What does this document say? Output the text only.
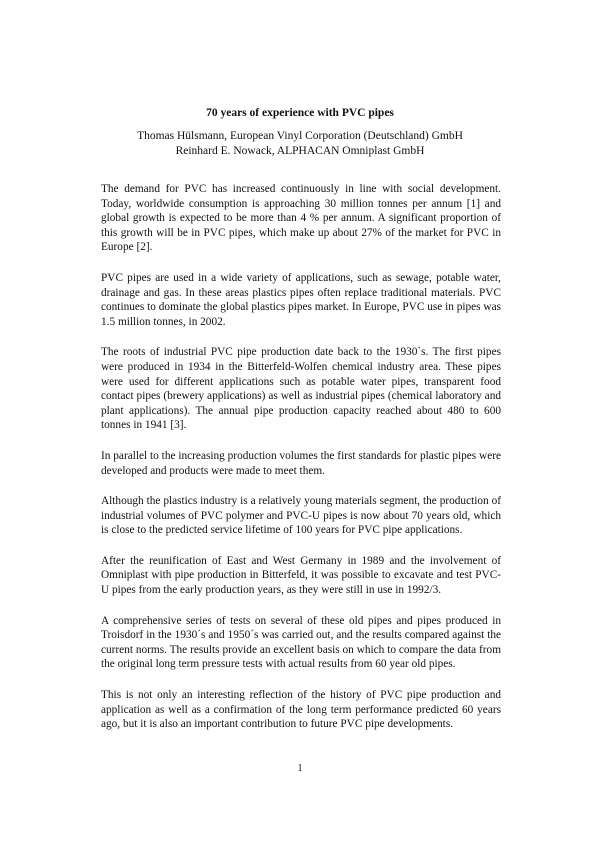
70 years of experience with PVC pipes
Thomas Hülsmann, European Vinyl Corporation (Deutschland) GmbH
Reinhard E. Nowack, ALPHACAN Omniplast GmbH

The demand for PVC has increased continuously in line with social development. Today, worldwide consumption is approaching 30 million tonnes per annum [1] and global growth is expected to be more than 4 % per annum. A significant proportion of this growth will be in PVC pipes, which make up about 27% of the market for PVC in Europe [2].

PVC pipes are used in a wide variety of applications, such as sewage, potable water, drainage and gas. In these areas plastics pipes often replace traditional materials. PVC continues to dominate the global plastics pipes market. In Europe, PVC use in pipes was 1.5 million tonnes, in 2002.

The roots of industrial PVC pipe production date back to the 1930`s. The first pipes were produced in 1934 in the Bitterfeld-Wolfen chemical industry area. These pipes were used for different applications such as potable water pipes, transparent food contact pipes (brewery applications) as well as industrial pipes (chemical laboratory and plant applications). The annual pipe production capacity reached about 480 to 600 tonnes in 1941 [3].

In parallel to the increasing production volumes the first standards for plastic pipes were developed and products were made to meet them.

Although the plastics industry is a relatively young materials segment, the production of industrial volumes of PVC polymer and PVC-U pipes is now about 70 years old, which is close to the predicted service lifetime of 100 years for PVC pipe applications.

After the reunification of East and West Germany in 1989 and the involvement of Omniplast with pipe production in Bitterfeld, it was possible to excavate and test PVC-U pipes from the early production years, as they were still in use in 1992/3.

A comprehensive series of tests on several of these old pipes and pipes produced in Troisdorf in the 1930´s and 1950´s was carried out, and the results compared against the current norms. The results provide an excellent basis on which to compare the data from the original long term pressure tests with actual results from 60 year old pipes.

This is not only an interesting reflection of the history of PVC pipe production and application as well as a confirmation of the long term performance predicted 60 years ago, but it is also an important contribution to future PVC pipe developments.

1
